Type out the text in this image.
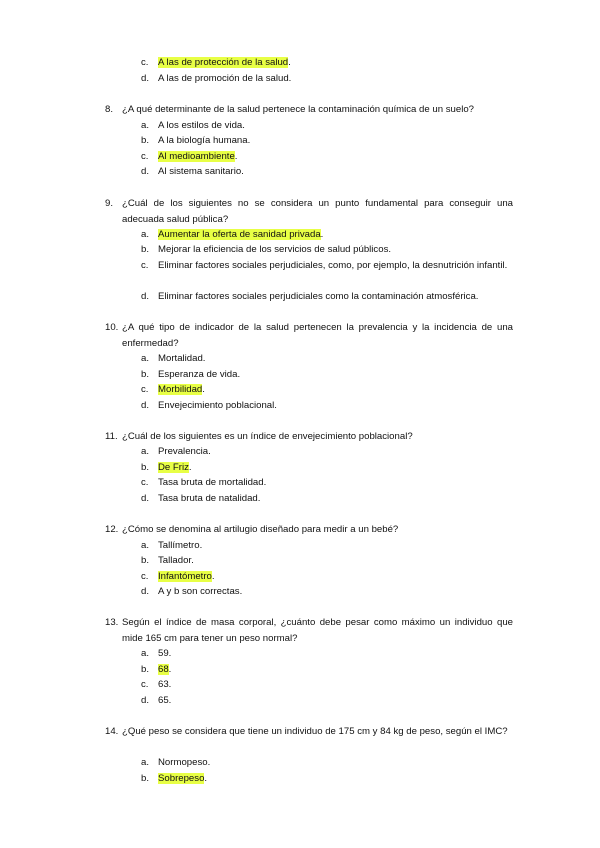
c. A las de protección de la salud.
d. A las de promoción de la salud.
8. ¿A qué determinante de la salud pertenece la contaminación química de un suelo?
a. A los estilos de vida.
b. A la biología humana.
c. Al medioambiente.
d. Al sistema sanitario.
9. ¿Cuál de los siguientes no se considera un punto fundamental para conseguir una adecuada salud pública?
a. Aumentar la oferta de sanidad privada.
b. Mejorar la eficiencia de los servicios de salud públicos.
c. Eliminar factores sociales perjudiciales, como, por ejemplo, la desnutrición infantil.
d. Eliminar factores sociales perjudiciales como la contaminación atmosférica.
10. ¿A qué tipo de indicador de la salud pertenecen la prevalencia y la incidencia de una enfermedad?
a. Mortalidad.
b. Esperanza de vida.
c. Morbilidad.
d. Envejecimiento poblacional.
11. ¿Cuál de los siguientes es un índice de envejecimiento poblacional?
a. Prevalencia.
b. De Friz.
c. Tasa bruta de mortalidad.
d. Tasa bruta de natalidad.
12. ¿Cómo se denomina al artilugio diseñado para medir a un bebé?
a. Tallímetro.
b. Tallador.
c. Infantómetro.
d. A y b son correctas.
13. Según el índice de masa corporal, ¿cuánto debe pesar como máximo un individuo que mide 165 cm para tener un peso normal?
a. 59.
b. 68.
c. 63.
d. 65.
14. ¿Qué peso se considera que tiene un individuo de 175 cm y 84 kg de peso, según el IMC?
a. Normopeso.
b. Sobrepeso.
